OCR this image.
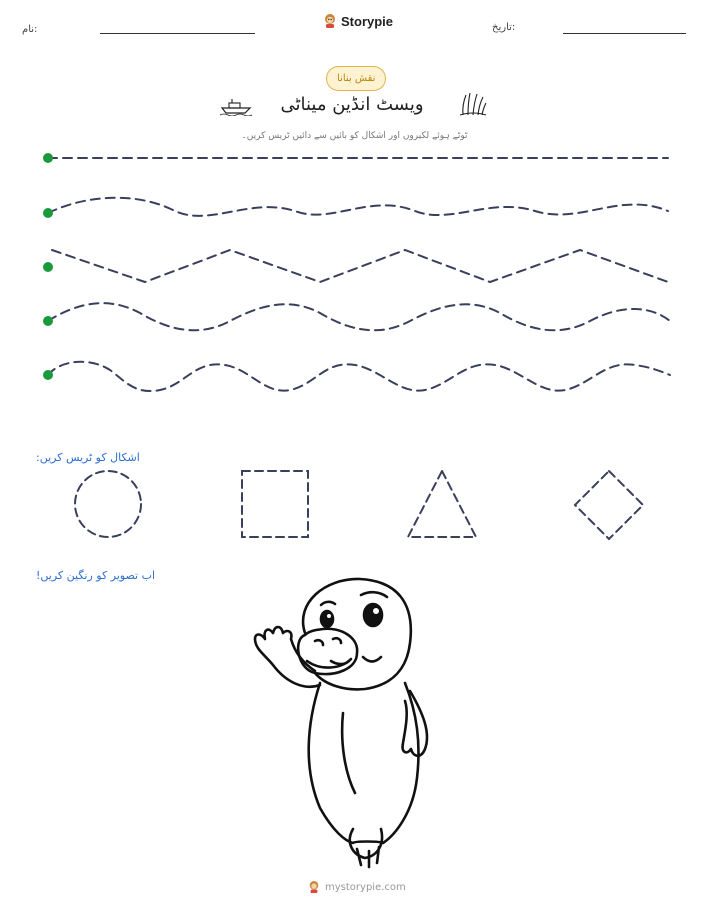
نام:
Storypie	تاریخ:
نقش بنانا
ویسٹ انڈین میناٹی
ٹوٹے ہوئے لکیروں اور اشکال کو بائیں سے دائیں ٹریس کریں۔
اشکال کو ٹریس کریں:
اب تصویر کو رنگین کریں!
mystorypie.com
